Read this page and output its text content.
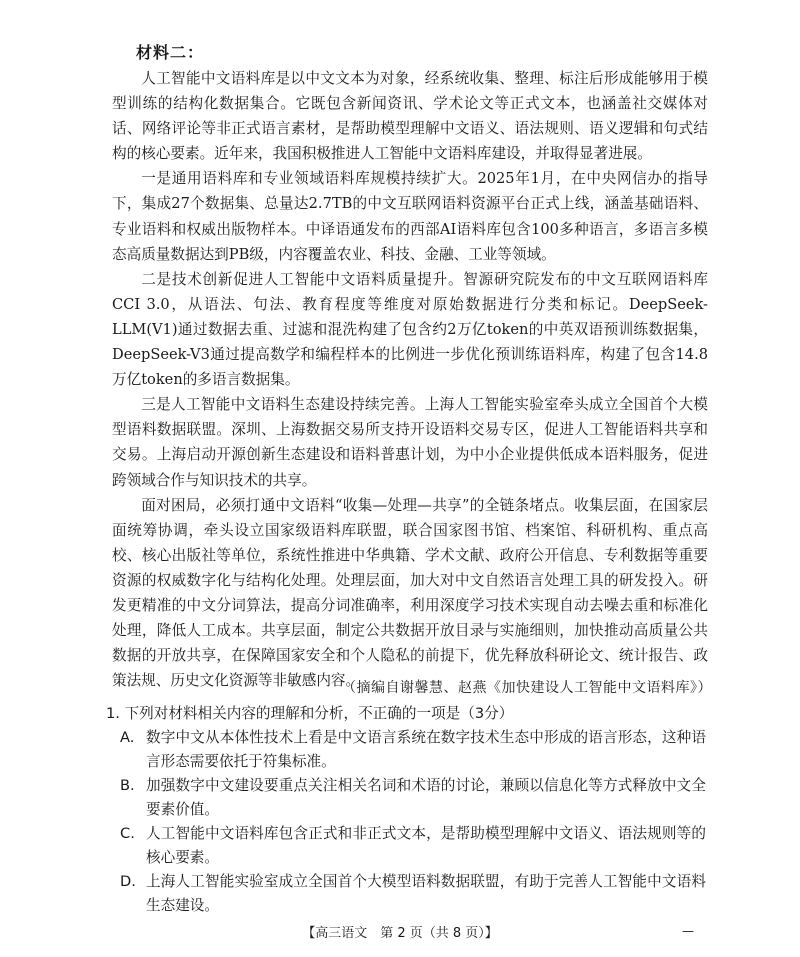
材料二：

人工智能中文语料库是以中文文本为对象，经系统收集、整理、标注后形成能够用于模型训练的结构化数据集合。它既包含新闻资讯、学术论文等正式文本，也涵盖社交媒体对话、网络评论等非正式语言素材，是帮助模型理解中文语义、语法规则、语义逻辑和句式结构的核心要素。近年来，我国积极推进人工智能中文语料库建设，并取得显著进展。

一是通用语料库和专业领域语料库规模持续扩大。2025年1月，在中央网信办的指导下，集成27个数据集、总量达2.7TB的中文互联网语料资源平台正式上线，涵盖基础语料、专业语料和权威出版物样本。中译语通发布的西部AI语料库包含100多种语言，多语言多模态高质量数据达到PB级，内容覆盖农业、科技、金融、工业等领域。

二是技术创新促进人工智能中文语料质量提升。智源研究院发布的中文互联网语料库CCI 3.0，从语法、句法、教育程度等维度对原始数据进行分类和标记。DeepSeek-LLM(V1)通过数据去重、过滤和混洗构建了包含约2万亿token的中英双语预训练数据集，DeepSeek-V3通过提高数学和编程样本的比例进一步优化预训练语料库，构建了包含14.8万亿token的多语言数据集。

三是人工智能中文语料生态建设持续完善。上海人工智能实验室牵头成立全国首个大模型语料数据联盟。深圳、上海数据交易所支持开设语料交易专区，促进人工智能语料共享和交易。上海启动开源创新生态建设和语料普惠计划，为中小企业提供低成本语料服务，促进跨领域合作与知识技术的共享。

面对困局，必须打通中文语料“收集—处理—共享”的全链条堵点。收集层面，在国家层面统筹协调，牵头设立国家级语料库联盟，联合国家图书馆、档案馆、科研机构、重点高校、核心出版社等单位，系统性推进中华典籍、学术文献、政府公开信息、专利数据等重要资源的权威数字化与结构化处理。处理层面，加大对中文自然语言处理工具的研发投入。研发更精准的中文分词算法，提高分词准确率，利用深度学习技术实现自动去噪去重和标准化处理，降低人工成本。共享层面，制定公共数据开放目录与实施细则，加快推动高质量公共数据的开放共享，在保障国家安全和个人隐私的前提下，优先释放科研论文、统计报告、政策法规、历史文化资源等非敏感内容。

（摘编自谢馨慧、赵燕《加快建设人工智能中文语料库》）

1. 下列对材料相关内容的理解和分析，不正确的一项是（3分）

A. 数字中文从本体性技术上看是中文语言系统在数字技术生态中形成的语言形态，这种语言形态需要依托于符集标准。
B. 加强数字中文建设要重点关注相关名词和术语的讨论，兼顾以信息化等方式释放中文全要素价值。
C. 人工智能中文语料库包含正式和非正式文本，是帮助模型理解中文语义、语法规则等的核心要素。
D. 上海人工智能实验室成立全国首个大模型语料数据联盟，有助于完善人工智能中文语料生态建设。
【高三语文　第 2 页（共 8 页）】	—
